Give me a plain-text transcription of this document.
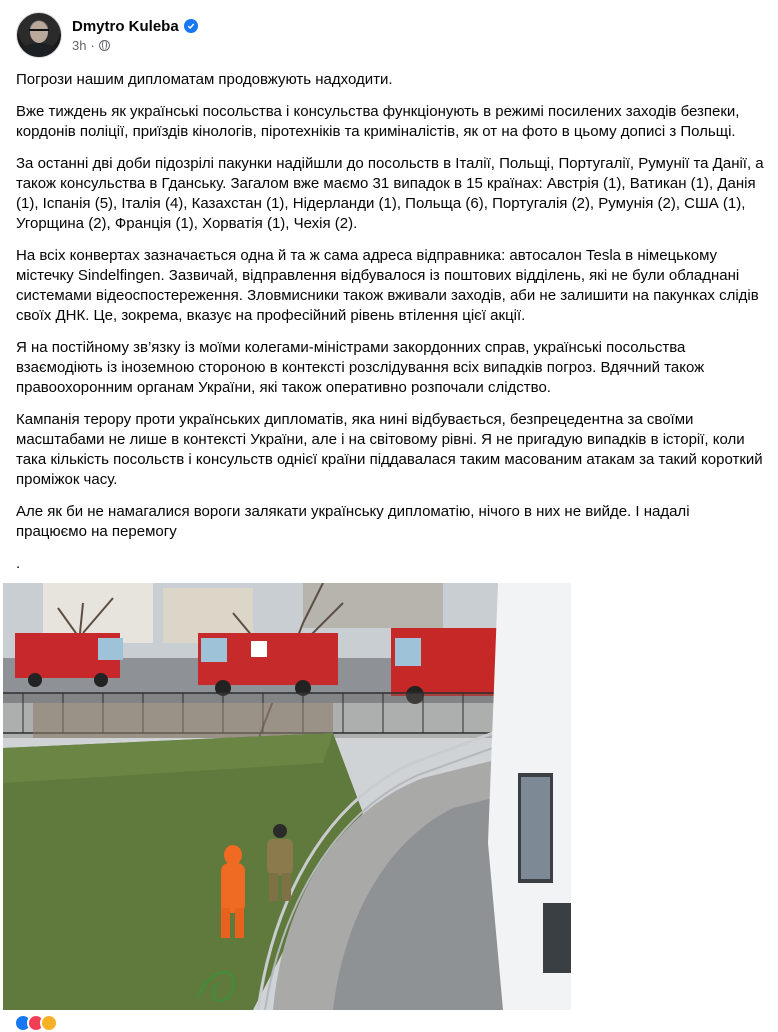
Dmytro Kuleba
3h ·

Погрози нашим дипломатам продовжують надходити.

Вже тиждень як українські посольства і консульства функціонують в режимі посилених заходів безпеки, кордонів поліції, приїздів кінологів, піротехніків та криміналістів, як от на фото в цьому дописі з Польщі.

За останні дві доби підозрілі пакунки надійшли до посольств в Італії, Польщі, Португалії, Румунії та Данії, а також консульства в Гданську. Загалом вже маємо 31 випадок в 15 країнах: Австрія (1), Ватикан (1), Данія (1), Іспанія (5), Італія (4), Казахстан (1), Нідерланди (1), Польща (6), Португалія (2), Румунія (2), США (1), Угорщина (2), Франція (1), Хорватія (1), Чехія (2).

На всіх конвертах зазначається одна й та ж сама адреса відправника: автосалон Tesla в німецькому містечку Sindelfingen. Зазвичай, відправлення відбувалося із поштових відділень, які не були обладнані системами відеоспостереження. Зловмисники також вживали заходів, аби не залишити на пакунках слідів своїх ДНК. Це, зокрема, вказує на професійний рівень втілення цієї акції.

Я на постійному зв’язку із моїми колегами-міністрами закордонних справ, українські посольства взаємодіють із іноземною стороною в контексті розслідування всіх випадків погроз. Вдячний також правоохоронним органам України, які також оперативно розпочали слідство.

Кампанія терору проти українських дипломатів, яка нині відбувається, безпрецедентна за своїми масштабами не лише в контексті України, але і на світовому рівні. Я не пригадую випадків в історії, коли така кількість посольств і консульств однієї країни піддавалася таким масованим атакам за такий короткий проміжок часу.

Але як би не намагалися вороги залякати українську дипломатію, нічого в них не вийде. І надалі працюємо на перемогу

.
